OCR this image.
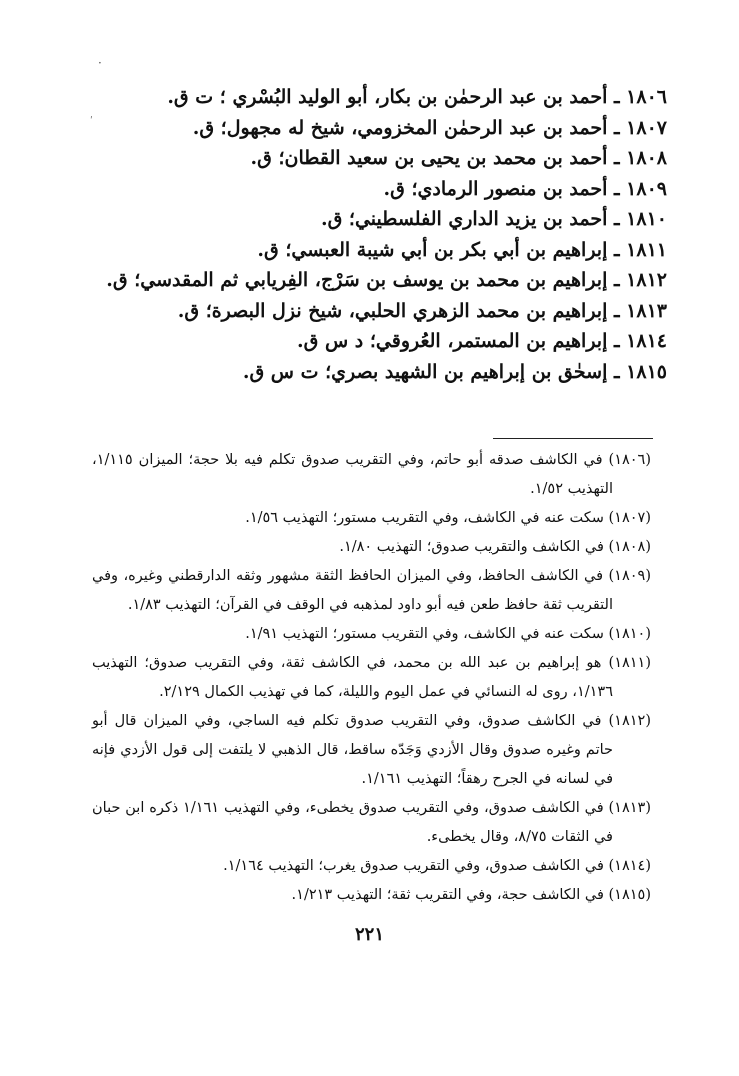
·
ʹ
١٨٠٦ ـ أحمد بن عبد الرحمٰن بن بكار، أبو الوليد البُسْري ؛ ت ق.
١٨٠٧ ـ أحمد بن عبد الرحمٰن المخزومي، شيخ له مجهول؛ ق.
١٨٠٨ ـ أحمد بن محمد بن يحيى بن سعيد القطان؛ ق.
١٨٠٩ ـ أحمد بن منصور الرمادي؛ ق.
١٨١٠ ـ أحمد بن يزيد الداري الفلسطيني؛ ق.
١٨١١ ـ إبراهيم بن أبي بكر بن أبي شيبة العبسي؛ ق.
١٨١٢ ـ إبراهيم بن محمد بن يوسف بن سَرْج، الفِريابي ثم المقدسي؛ ق.
١٨١٣ ـ إبراهيم بن محمد الزهري الحلبي، شيخ نزل البصرة؛ ق.
١٨١٤ ـ إبراهيم بن المستمر، العُروقي؛ د س ق.
١٨١٥ ـ إسحٰق بن إبراهيم بن الشهيد بصري؛ ت س ق.
(١٨٠٦) في الكاشف صدقه أبو حاتم، وفي التقريب صدوق تكلم فيه بلا حجة؛ الميزان ١/١١٥، التهذيب ١/٥٢.
(١٨٠٧) سكت عنه في الكاشف، وفي التقريب مستور؛ التهذيب ١/٥٦.
(١٨٠٨) في الكاشف والتقريب صدوق؛ التهذيب ١/٨٠.
(١٨٠٩) في الكاشف الحافظ، وفي الميزان الحافظ الثقة مشهور وثقه الدارقطني وغيره، وفي التقريب ثقة حافظ طعن فيه أبو داود لمذهبه في الوقف في القرآن؛ التهذيب ١/٨٣.
(١٨١٠) سكت عنه في الكاشف، وفي التقريب مستور؛ التهذيب ١/٩١.
(١٨١١) هو إبراهيم بن عبد الله بن محمد، في الكاشف ثقة، وفي التقريب صدوق؛ التهذيب ١/١٣٦، روى له النسائي في عمل اليوم والليلة، كما في تهذيب الكمال ٢/١٢٩.
(١٨١٢) في الكاشف صدوق، وفي التقريب صدوق تكلم فيه الساجي، وفي الميزان قال أبو حاتم وغيره صدوق وقال الأزدي وَجَدّه ساقط، قال الذهبي لا يلتفت إلى قول الأزدي فإنه في لسانه في الجرح رهقاً؛ التهذيب ١/١٦١.
(١٨١٣) في الكاشف صدوق، وفي التقريب صدوق يخطىء، وفي التهذيب ١/١٦١ ذكره ابن حبان في الثقات ٨/٧٥، وقال يخطىء.
(١٨١٤) في الكاشف صدوق، وفي التقريب صدوق يغرب؛ التهذيب ١/١٦٤.
(١٨١٥) في الكاشف حجة، وفي التقريب ثقة؛ التهذيب ١/٢١٣.
٢٢١
